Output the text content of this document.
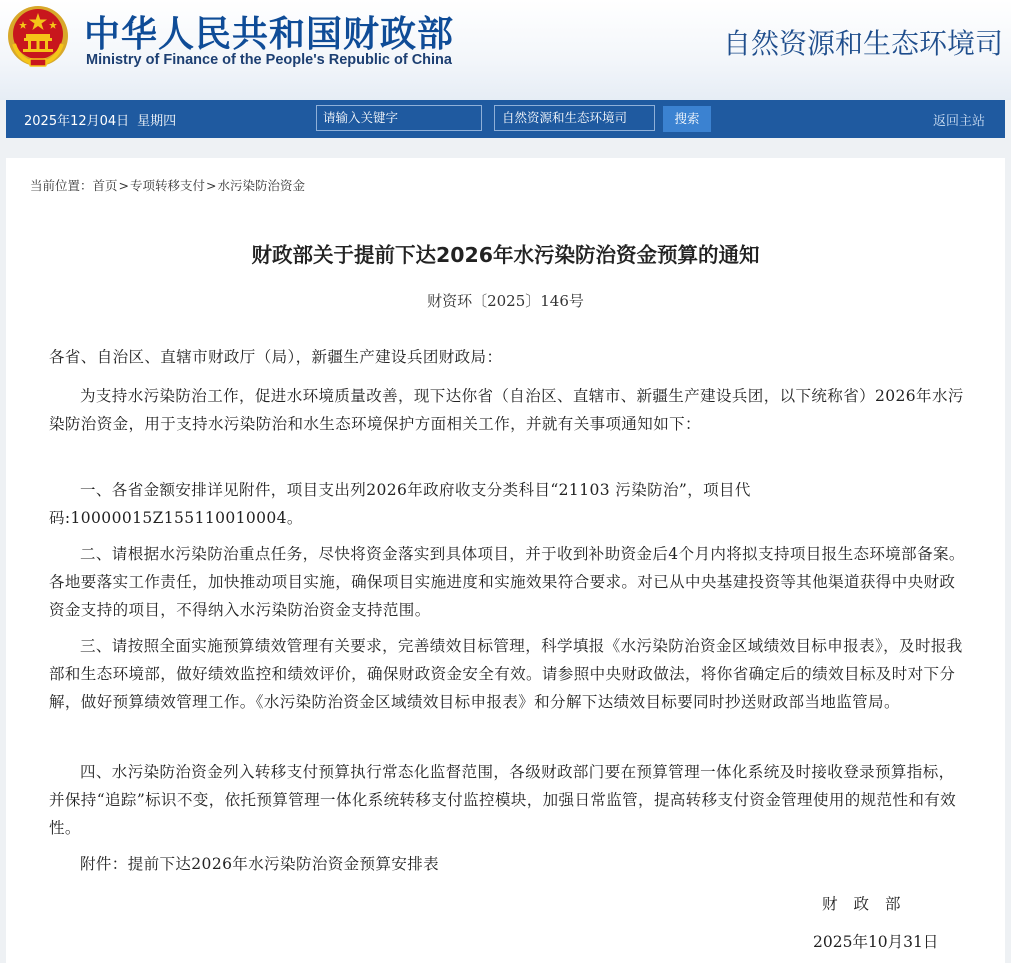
中华人民共和国财政部
Ministry of Finance of the People's Republic of China	自然资源和生态环境司
2025年12月04日 星期四	请输入关键字	自然资源和生态环境司	搜索	返回主站
当前位置：首页>专项转移支付>水污染防治资金
财政部关于提前下达2026年水污染防治资金预算的通知
财资环〔2025〕146号

各省、自治区、直辖市财政厅（局），新疆生产建设兵团财政局：

为支持水污染防治工作，促进水环境质量改善，现下达你省（自治区、直辖市、新疆生产建设兵团，以下统称省）2026年水污染防治资金，用于支持水污染防治和水生态环境保护方面相关工作，并就有关事项通知如下：

一、各省金额安排详见附件，项目支出列2026年政府收支分类科目“21103 污染防治”，项目代码:10000015Z155110010004。

二、请根据水污染防治重点任务，尽快将资金落实到具体项目，并于收到补助资金后4个月内将拟支持项目报生态环境部备案。各地要落实工作责任，加快推动项目实施，确保项目实施进度和实施效果符合要求。对已从中央基建投资等其他渠道获得中央财政资金支持的项目，不得纳入水污染防治资金支持范围。

三、请按照全面实施预算绩效管理有关要求，完善绩效目标管理，科学填报《水污染防治资金区域绩效目标申报表》，及时报我部和生态环境部，做好绩效监控和绩效评价，确保财政资金安全有效。请参照中央财政做法，将你省确定后的绩效目标及时对下分解，做好预算绩效管理工作。《水污染防治资金区域绩效目标申报表》和分解下达绩效目标要同时抄送财政部当地监管局。

四、水污染防治资金列入转移支付预算执行常态化监督范围，各级财政部门要在预算管理一体化系统及时接收登录预算指标，并保持“追踪”标识不变，依托预算管理一体化系统转移支付监控模块，加强日常监管，提高转移支付资金管理使用的规范性和有效性。

附件：提前下达2026年水污染防治资金预算安排表

财政部
2025年10月31日
